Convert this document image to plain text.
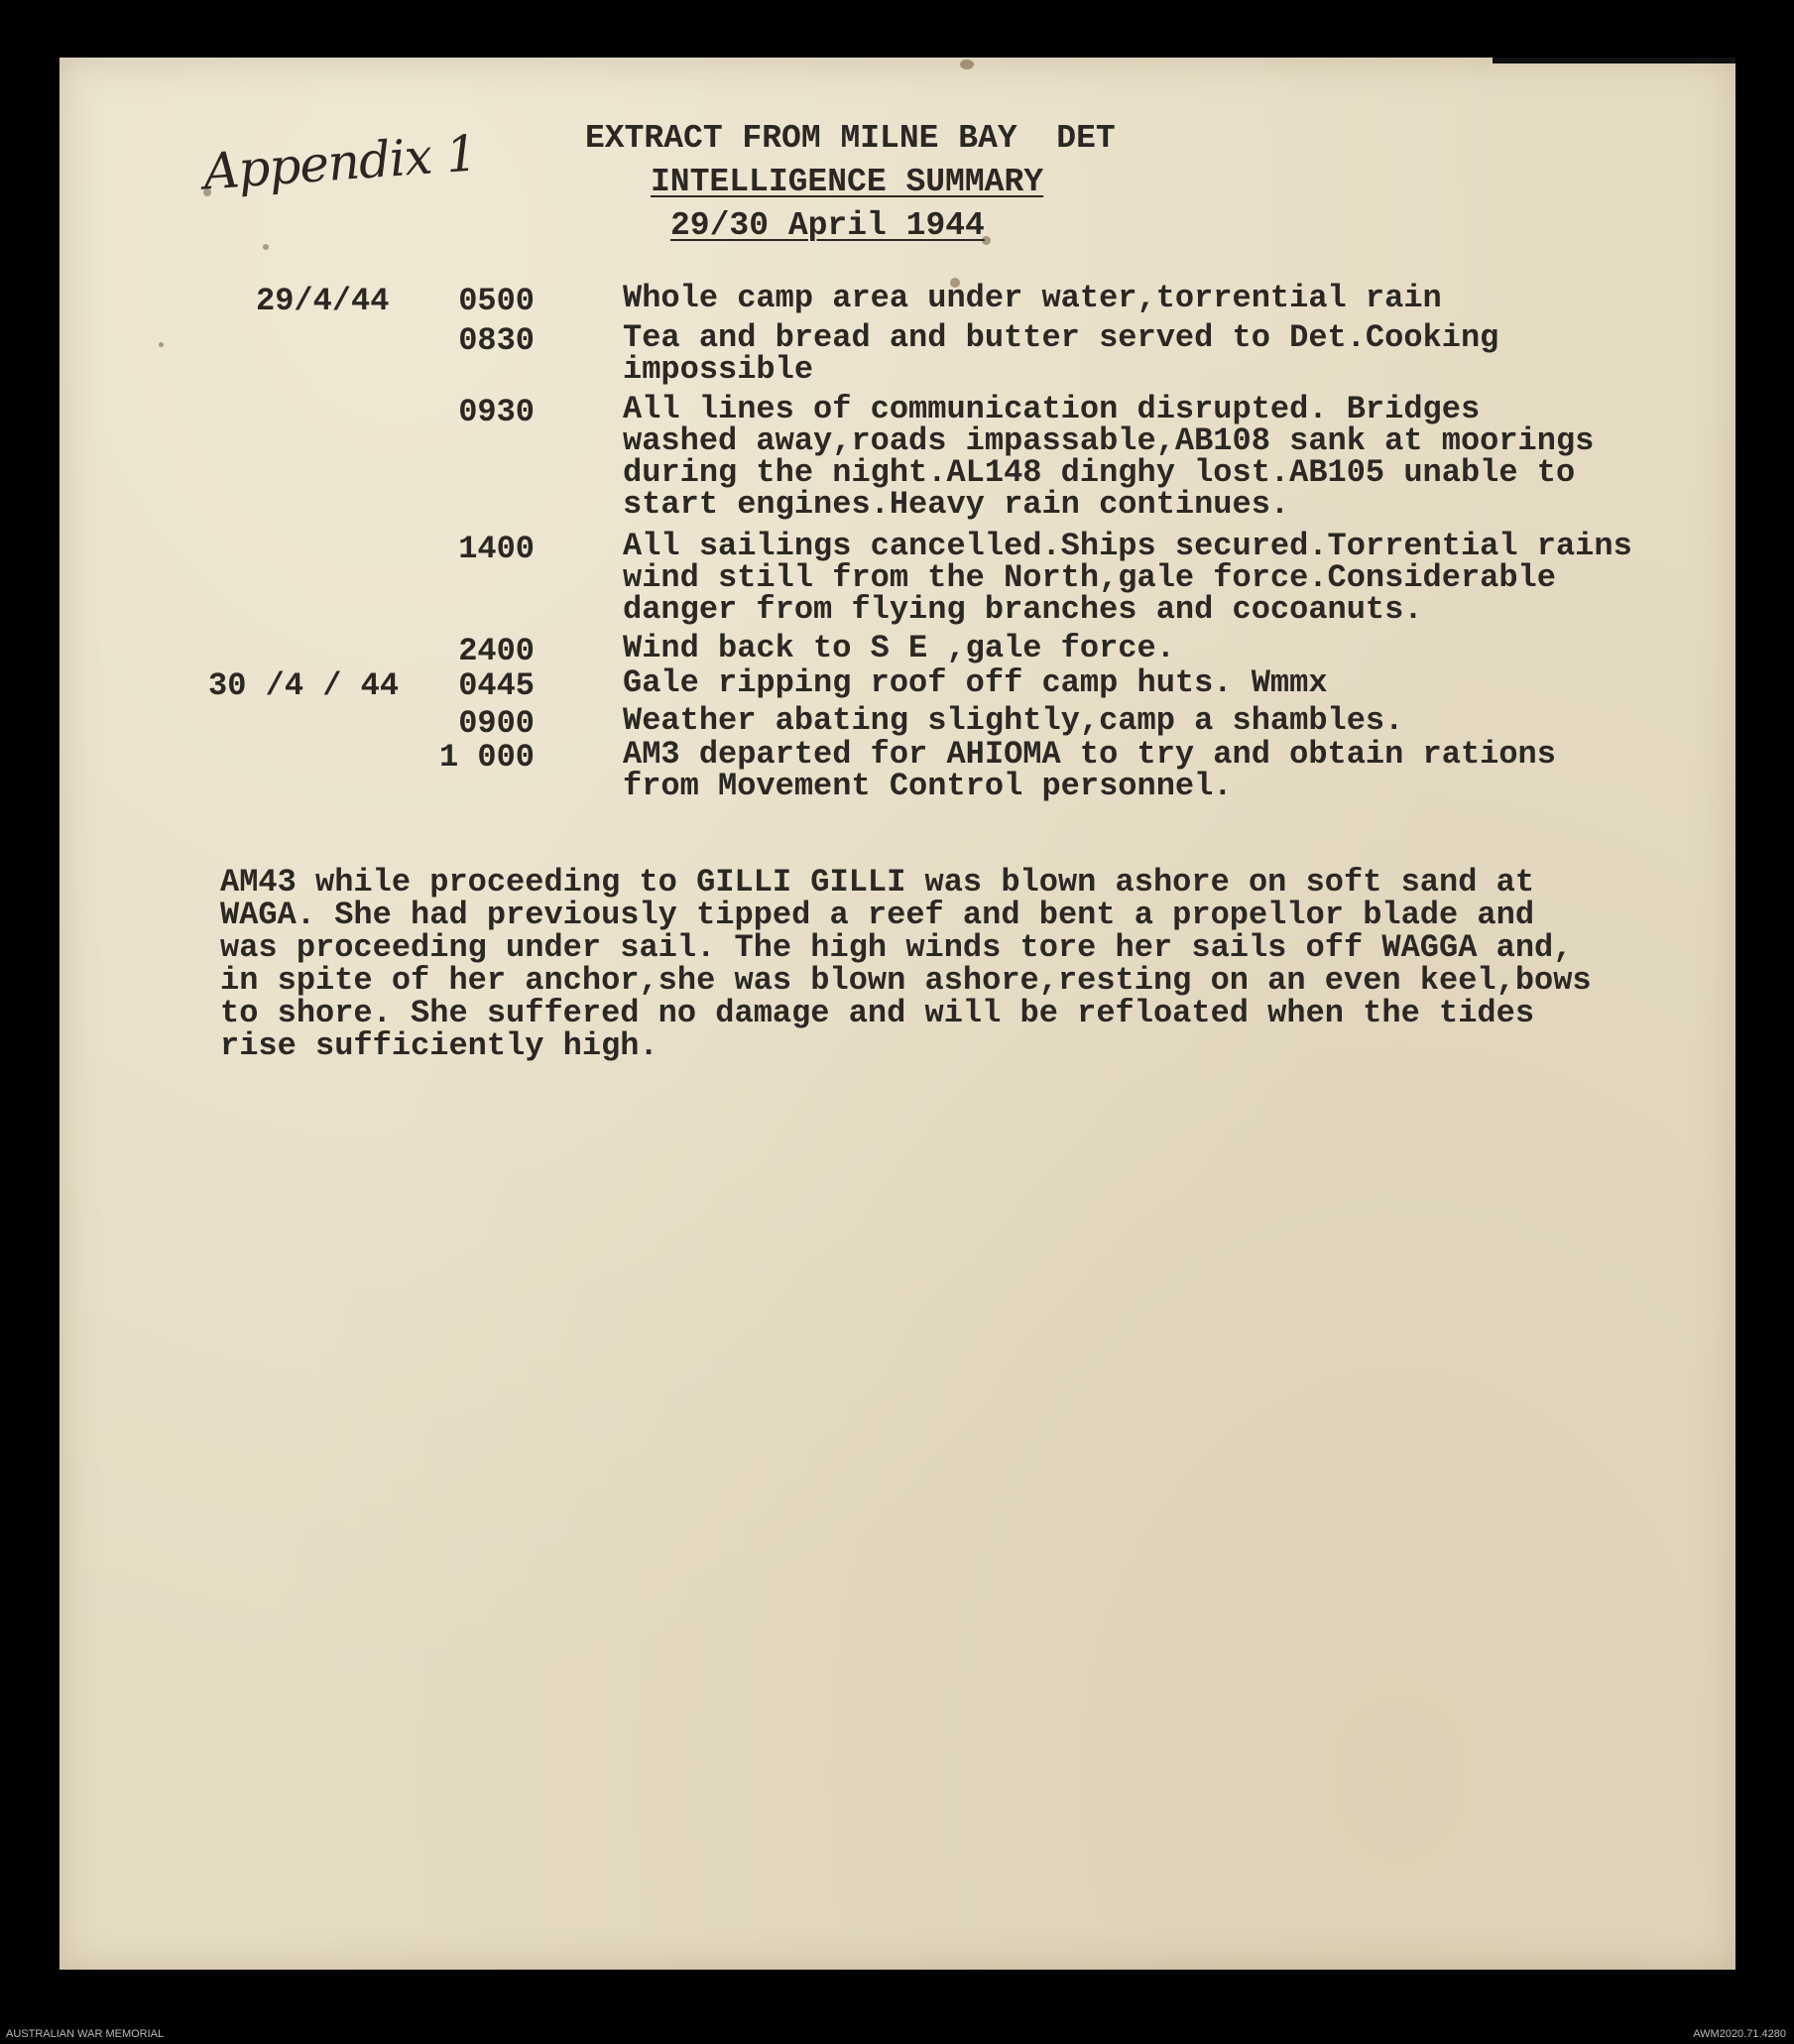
Appendix 1	EXTRACT FROM MILNE BAY  DET
INTELLIGENCE SUMMARY
29/30 April 1944
29/4/44 0500	Whole camp area under water,torrential rain
0830	Tea and bread and butter served to Det.Cooking
impossible
0930	All lines of communication disrupted. Bridges
washed away,roads impassable,AB108 sank at moorings
during the night.AL148 dinghy lost.AB105 unable to
start engines.Heavy rain continues.
1400	All sailings cancelled.Ships secured.Torrential rains
wind still from the North,gale force.Considerable
danger from flying branches and cocoanuts.
2400	Wind back to S E ,gale force.
30 /4 / 44 0445	Gale ripping roof off camp huts. Wmmx
0900	Weather abating slightly,camp a shambles.
1 000	AM3 departed for AHIOMA to try and obtain rations
from Movement Control personnel.
AM43 while proceeding to GILLI GILLI was blown ashore on soft sand at
WAGA. She had previously tipped a reef and bent a propellor blade and
was proceeding under sail. The high winds tore her sails off WAGGA and,
in spite of her anchor,she was blown ashore,resting on an even keel,bows
to shore. She suffered no damage and will be refloated when the tides
rise sufficiently high.
AUSTRALIAN WAR MEMORIAL	AWM2020.71.4280
